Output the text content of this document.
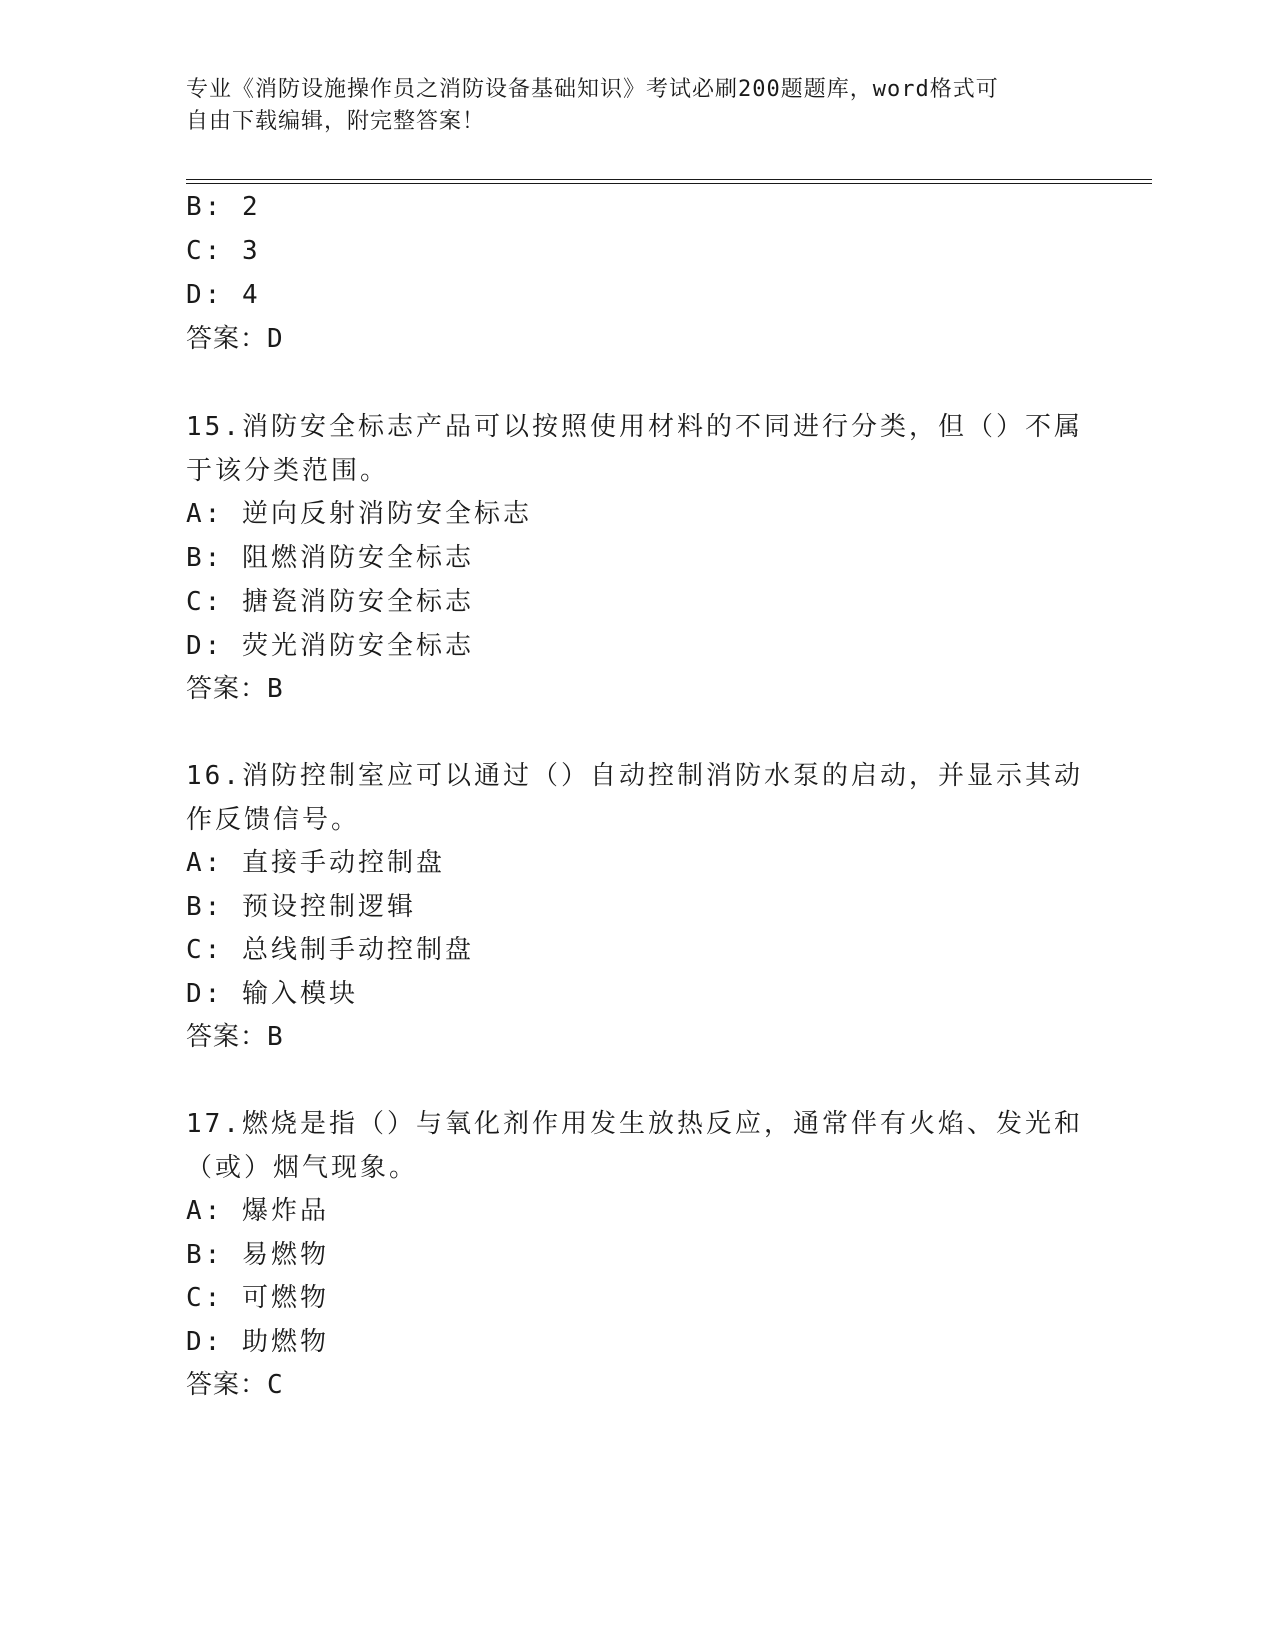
专业《消防设施操作员之消防设备基础知识》考试必刷200题题库，word格式可
自由下载编辑，附完整答案！
B: 2
C: 3
D: 4
答案：D
15.消防安全标志产品可以按照使用材料的不同进行分类，但（）不属
于该分类范围。
A: 逆向反射消防安全标志
B: 阻燃消防安全标志
C: 搪瓷消防安全标志
D: 荧光消防安全标志
答案：B
16.消防控制室应可以通过（）自动控制消防水泵的启动，并显示其动
作反馈信号。
A: 直接手动控制盘
B: 预设控制逻辑
C: 总线制手动控制盘
D: 输入模块
答案：B
17.燃烧是指（）与氧化剂作用发生放热反应，通常伴有火焰、发光和
（或）烟气现象。
A: 爆炸品
B: 易燃物
C: 可燃物
D: 助燃物
答案：C
